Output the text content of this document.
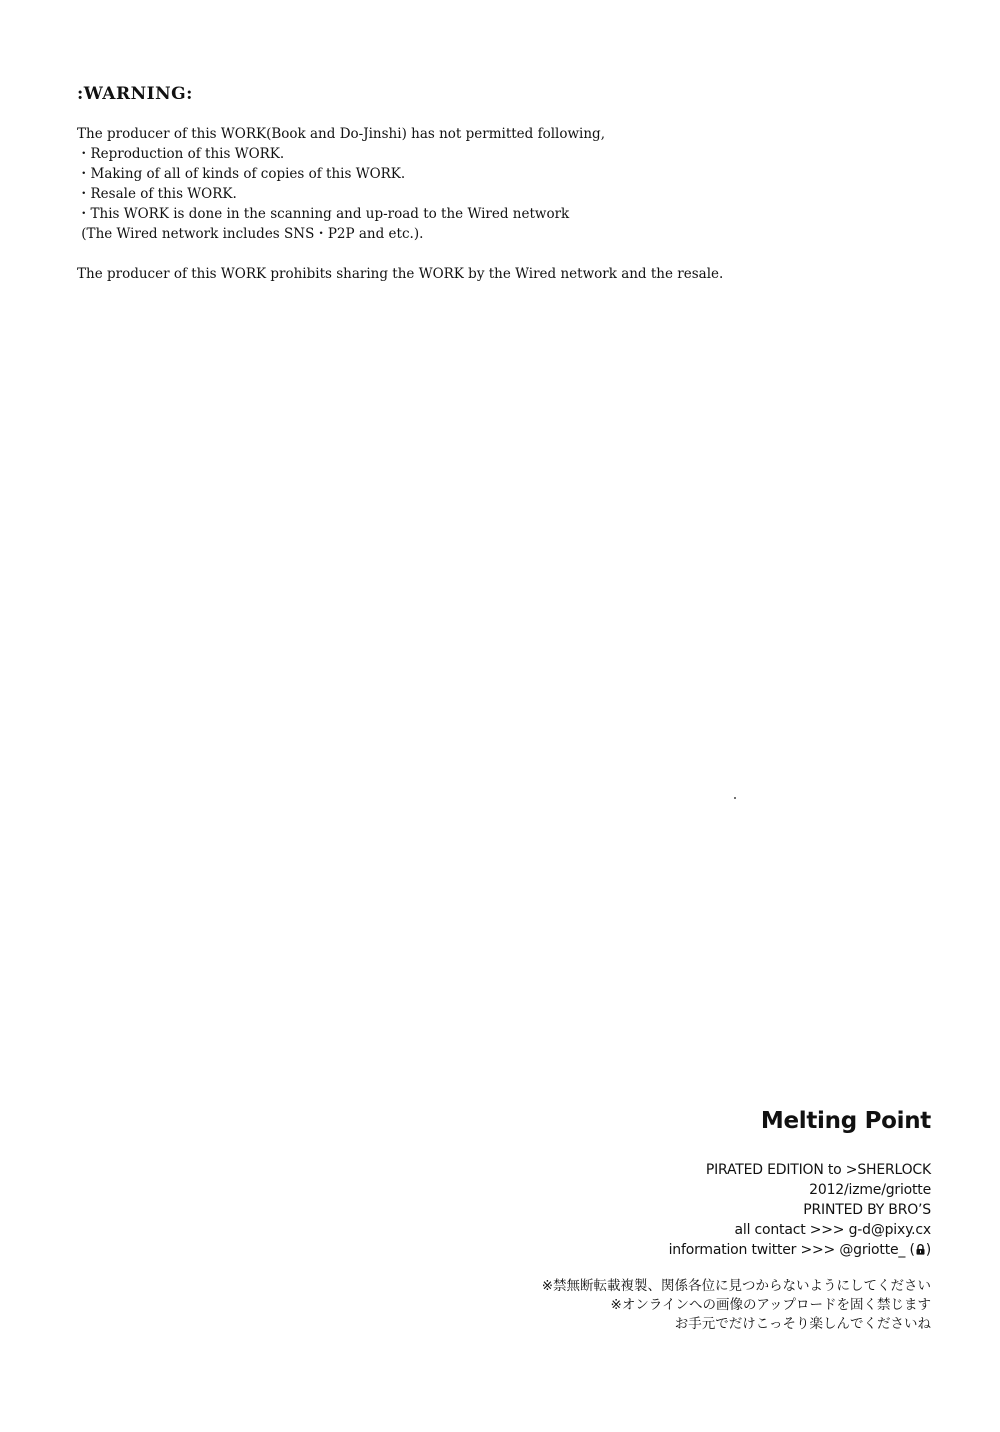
:WARNING:

The producer of this WORK(Book and Do-Jinshi) has not permitted following,

・Reproduction of this WORK.
・Making of all of kinds of copies of this WORK.
・Resale of this WORK.
・This WORK is done in the scanning and up-road to the Wired network
(The Wired network includes SNS・P2P and etc.).

The producer of this WORK prohibits sharing the WORK by the Wired network and the resale.

Melting Point

PIRATED EDITION to >SHERLOCK

2012/izme/griotte

PRINTED BY BRO’S

all contact >>> g-d@pixy.cx

information twitter >>> @griotte_ ( )

※禁無断転載複製、関係各位に見つからないようにしてください

※オンラインへの画像のアップロードを固く禁じます

お手元でだけこっそり楽しんでくださいね
